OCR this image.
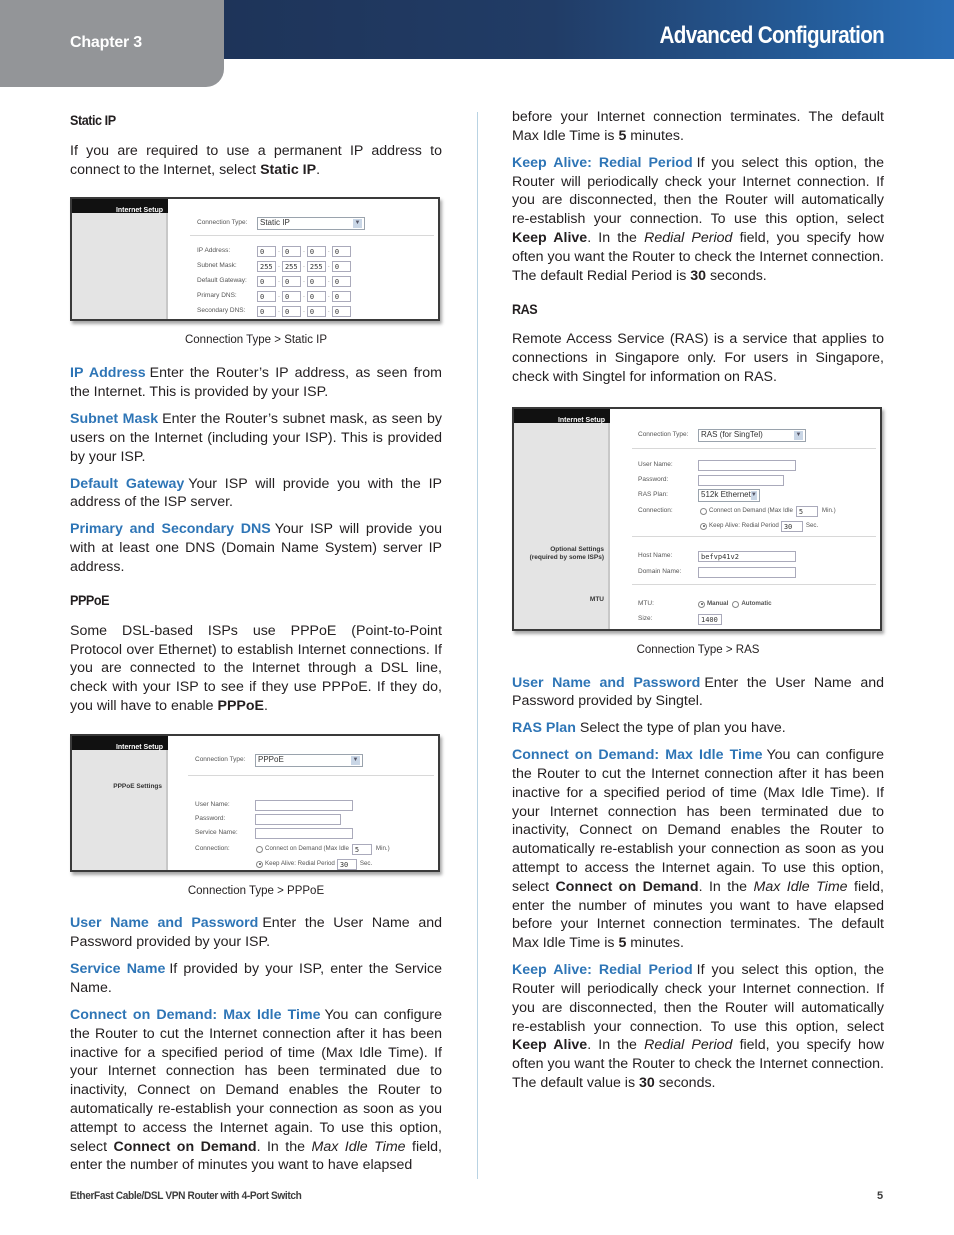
Chapter 3	Advanced Configuration
Static IP

If you are required to use a permanent IP address to connect to the Internet, select Static IP.

Internet Setup
Connection Type:	Static IP	▼
IP Address:	0	. 0	. 0	. 0
Subnet Mask:	255 . 255 . 255 . 0
Default Gateway:	0	. 0	. 0	. 0
Primary DNS:	0	. 0	. 0	. 0
Secondary DNS:	0	. 0	. 0	. 0
Connection Type > Static IP

IP Address Enter the Router’s IP address, as seen from the Internet. This is provided by your ISP.

Subnet Mask Enter the Router’s subnet mask, as seen by users on the Internet (including your ISP). This is provided by your ISP.

Default Gateway Your ISP will provide you with the IP address of the ISP server.

Primary and Secondary DNS Your ISP will provide you with at least one DNS (Domain Name System) server IP address.

PPPoE

Some DSL-based ISPs use PPPoE (Point-to-Point Protocol over Ethernet) to establish Internet connections. If you are connected to the Internet through a DSL line, check with your ISP to see if they use PPPoE. If they do, you will have to enable PPPoE.

Internet Setup
PPPoE Settings
Connection Type:	PPPoE	▼
User Name:
Password:
Service Name:
Connection:	Connect on Demand (Max Idle 5	Min.)
Keep Alive: Redial Period 30	Sec.
Connection Type > PPPoE

User Name and Password Enter the User Name and Password provided by your ISP.

Service Name If provided by your ISP, enter the Service Name.

Connect on Demand: Max Idle Time You can configure the Router to cut the Internet connection after it has been inactive for a specified period of time (Max Idle Time). If your Internet connection has been terminated due to inactivity, Connect on Demand enables the Router to automatically re-establish your connection as soon as you attempt to access the Internet again. To use this option, select Connect on Demand. In the Max Idle Time field, enter the number of minutes you want to have elapsed

before your Internet connection terminates. The default Max Idle Time is 5 minutes.

Keep Alive: Redial Period If you select this option, the Router will periodically check your Internet connection. If you are disconnected, then the Router will automatically re-establish your connection. To use this option, select Keep Alive. In the Redial Period field, you specify how often you want the Router to check the Internet connection. The default Redial Period is 30 seconds.

RAS

Remote Access Service (RAS) is a service that applies to connections in Singapore only. For users in Singapore, check with Singtel for information on RAS.

Internet Setup
Optional Settings
(required by some ISPs)
MTU
Connection Type:	RAS (for SingTel)	▼
User Name:
Password:
RAS Plan:	512k Ethernet ▼
Connection:	Connect on Demand (Max Idle 5	Min.)
Keep Alive: Redial Period 30	Sec.
Host Name:	befvp41v2
Domain Name:
MTU:	Manual Automatic
Size:	1400
Connection Type > RAS

User Name and Password Enter the User Name and Password provided by Singtel.

RAS Plan Select the type of plan you have.

Connect on Demand: Max Idle Time You can configure the Router to cut the Internet connection after it has been inactive for a specified period of time (Max Idle Time). If your Internet connection has been terminated due to inactivity, Connect on Demand enables the Router to automatically re-establish your connection as soon as you attempt to access the Internet again. To use this option, select Connect on Demand. In the Max Idle Time field, enter the number of minutes you want to have elapsed before your Internet connection terminates. The default Max Idle Time is 5 minutes.

Keep Alive: Redial Period If you select this option, the Router will periodically check your Internet connection. If you are disconnected, then the Router will automatically re-establish your connection. To use this option, select Keep Alive. In the Redial Period field, you specify how often you want the Router to check the Internet connection. The default value is 30 seconds.

EtherFast Cable/DSL VPN Router with 4-Port Switch	5
